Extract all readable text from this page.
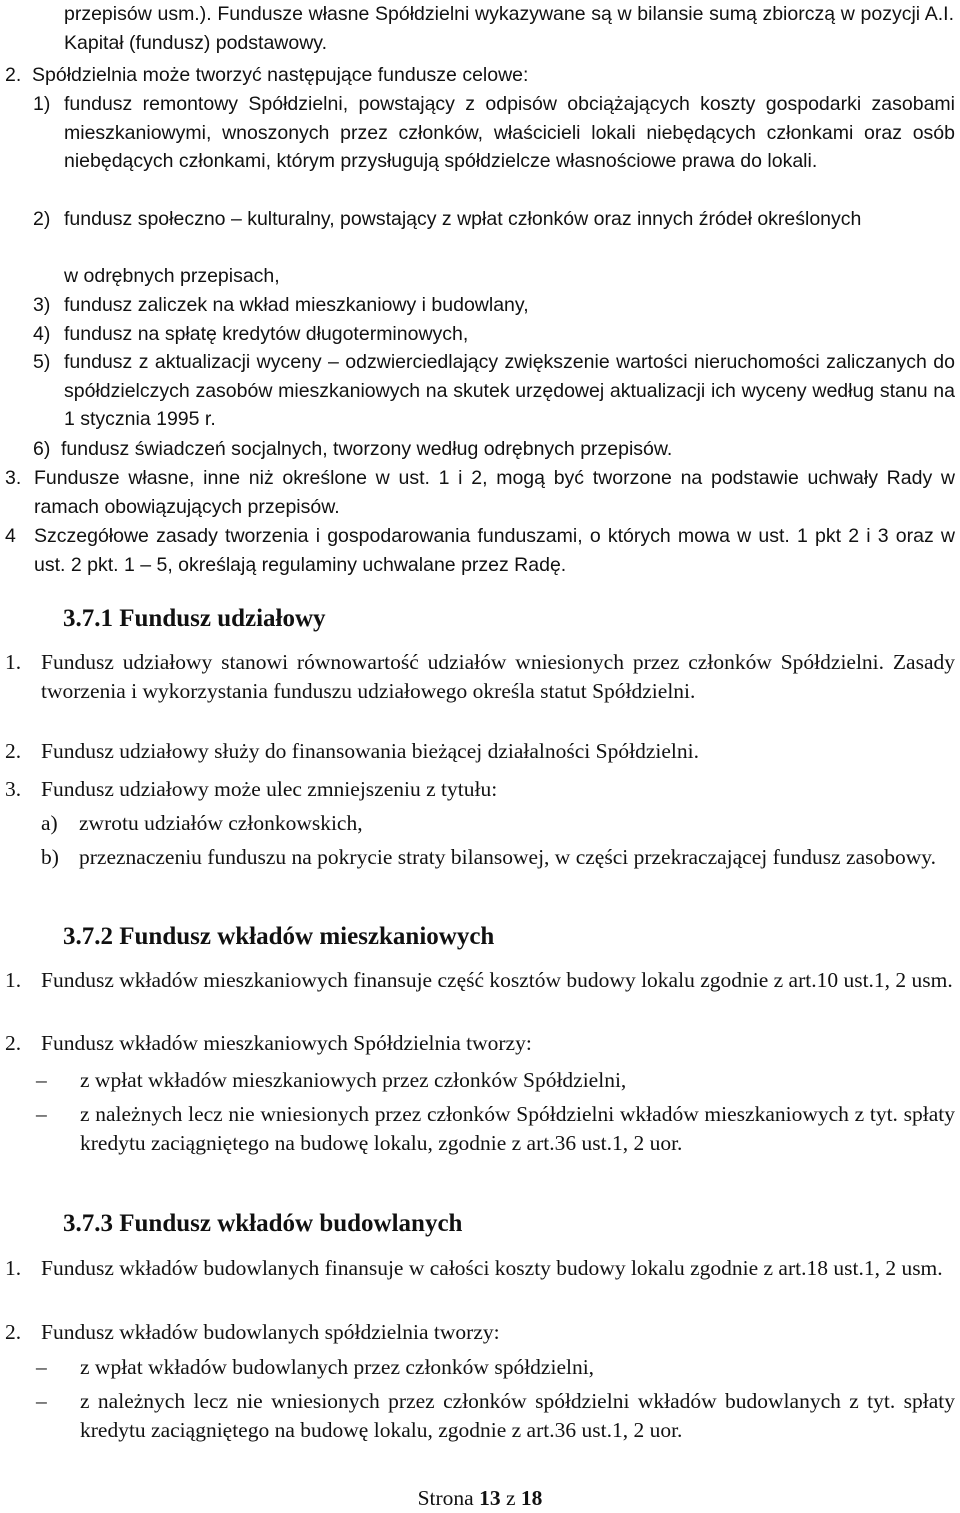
przepisów usm.). Fundusze własne Spółdzielni wykazywane są w bilansie sumą zbiorczą w pozycji A.I. Kapitał (fundusz) podstawowy.

2. Spółdzielnia może tworzyć następujące fundusze celowe:
1) fundusz remontowy Spółdzielni, powstający z odpisów obciążających koszty gospodarki zasobami mieszkaniowymi, wnoszonych przez członków, właścicieli lokali niebędących członkami oraz osób niebędących członkami, którym przysługują spółdzielcze własnościowe prawa do lokali.
2) fundusz społeczno – kulturalny, powstający z wpłat członków oraz innych źródeł określonych

w odrębnych przepisach,

3) fundusz zaliczek na wkład mieszkaniowy i budowlany,
4) fundusz na spłatę kredytów długoterminowych,
5) fundusz z aktualizacji wyceny – odzwierciedlający zwiększenie wartości nieruchomości zaliczanych do spółdzielczych zasobów mieszkaniowych na skutek urzędowej aktualizacji ich wyceny według stanu na 1 stycznia 1995 r.
6) fundusz świadczeń socjalnych, tworzony według odrębnych przepisów.
3. Fundusze własne, inne niż określone w ust. 1 i 2, mogą być tworzone na podstawie uchwały Rady w ramach obowiązujących przepisów.
4 Szczegółowe zasady tworzenia i gospodarowania funduszami, o których mowa w ust. 1 pkt 2 i 3 oraz w ust. 2 pkt. 1 – 5, określają regulaminy uchwalane przez Radę.
3.7.1 Fundusz udziałowy
1. Fundusz udziałowy stanowi równowartość udziałów wniesionych przez członków Spółdzielni. Zasady tworzenia i wykorzystania funduszu udziałowego określa statut Spółdzielni.
2. Fundusz udziałowy służy do finansowania bieżącej działalności Spółdzielni.
3. Fundusz udziałowy może ulec zmniejszeniu z tytułu:
a) zwrotu udziałów członkowskich,
b) przeznaczeniu funduszu na pokrycie straty bilansowej, w części przekraczającej fundusz zasobowy.
3.7.2 Fundusz wkładów mieszkaniowych
1. Fundusz wkładów mieszkaniowych finansuje część kosztów budowy lokalu zgodnie z art.10 ust.1, 2 usm.
2. Fundusz wkładów mieszkaniowych Spółdzielnia tworzy:
–	z wpłat wkładów mieszkaniowych przez członków Spółdzielni,
–	z należnych lecz nie wniesionych przez członków Spółdzielni wkładów mieszkaniowych z tyt. spłaty kredytu zaciągniętego na budowę lokalu, zgodnie z art.36 ust.1, 2 uor.
3.7.3 Fundusz wkładów budowlanych
1. Fundusz wkładów budowlanych finansuje w całości koszty budowy lokalu zgodnie z art.18 ust.1, 2 usm.
2. Fundusz wkładów budowlanych spółdzielnia tworzy:
–	z wpłat wkładów budowlanych przez członków spółdzielni,
–	z należnych lecz nie wniesionych przez członków spółdzielni wkładów budowlanych z tyt. spłaty kredytu zaciągniętego na budowę lokalu, zgodnie z art.36 ust.1, 2 uor.
Strona 13 z 18
